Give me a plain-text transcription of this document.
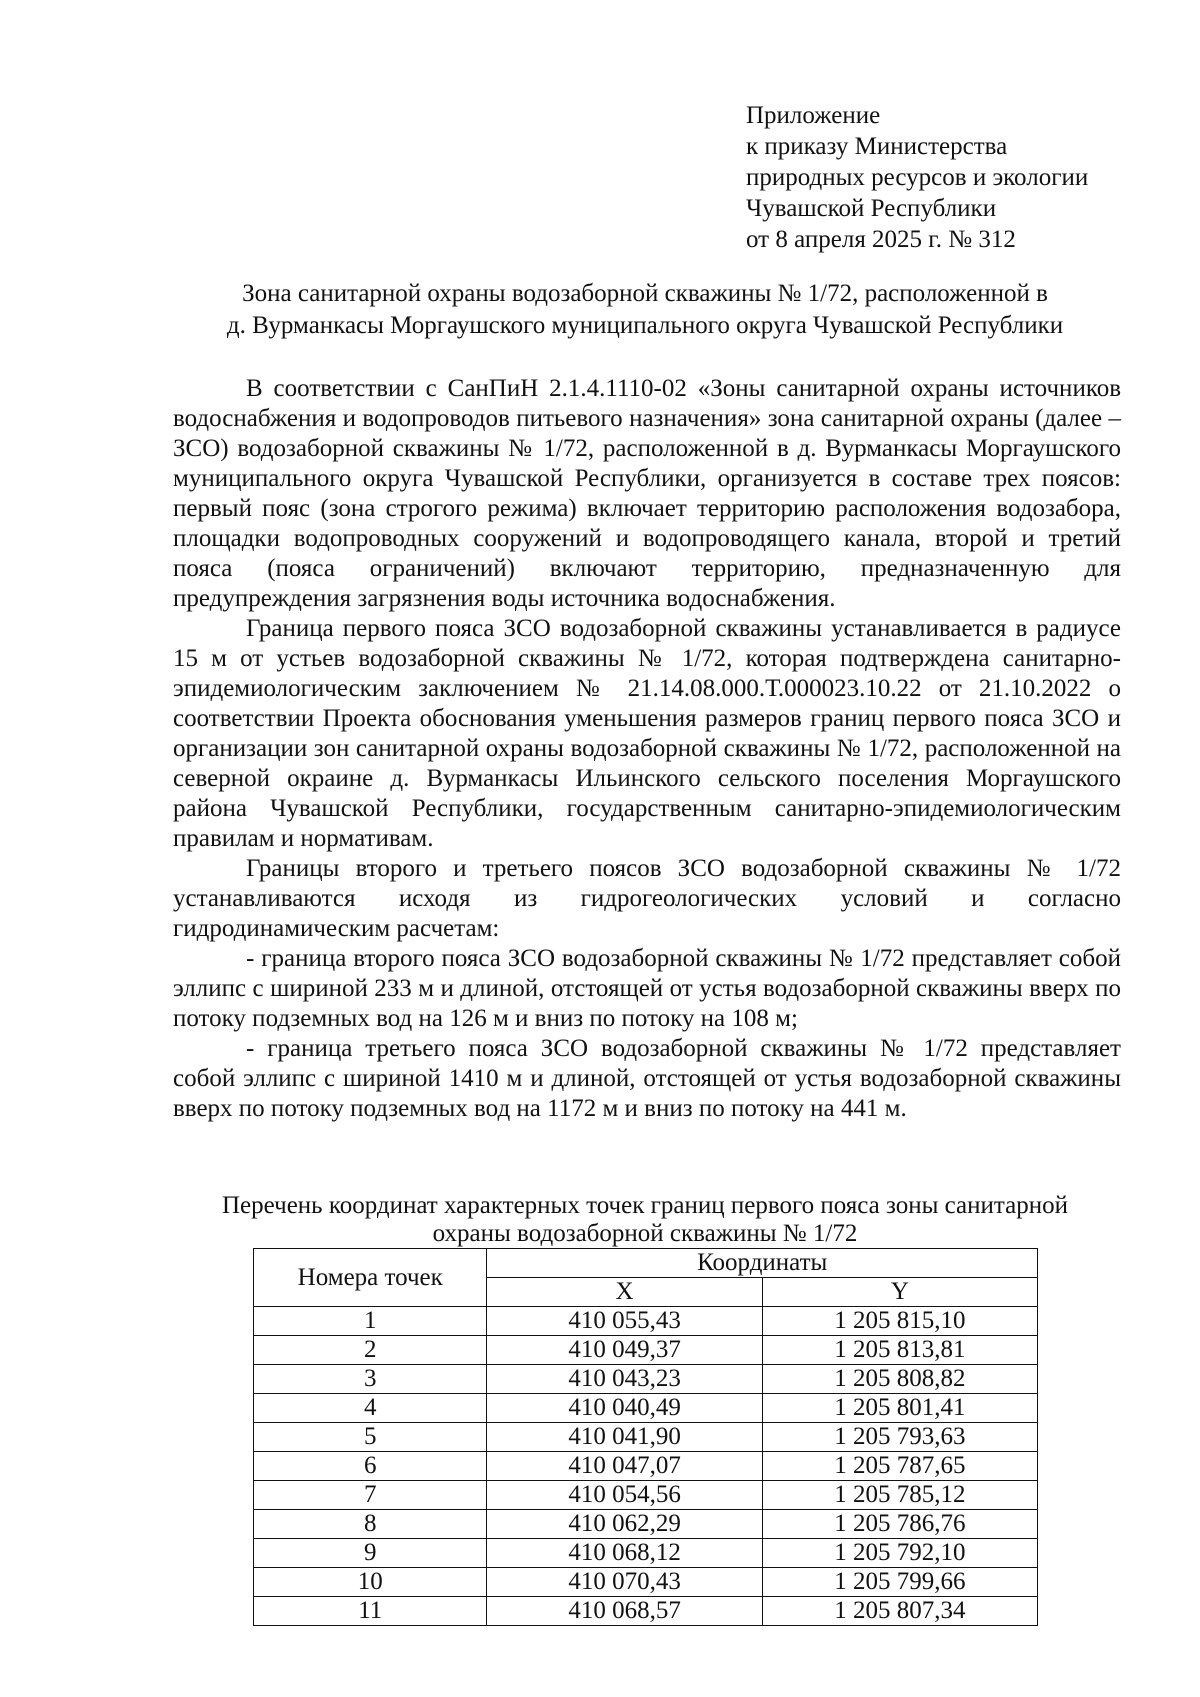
Приложение
к приказу Министерства
природных ресурсов и экологии
Чувашской Республики
от 8 апреля 2025 г. № 312
Зона санитарной охраны водозаборной скважины № 1/72, расположенной в
д. Вурманкасы Моргаушского муниципального округа Чувашской Республики

В соответствии с СанПиН 2.1.4.1110-02 «Зоны санитарной охраны источников водоснабжения и водопроводов питьевого назначения» зона санитарной охраны (далее – ЗСО) водозаборной скважины № 1/72, расположенной в д. Вурманкасы Моргаушского муниципального округа Чувашской Республики, организуется в составе трех поясов: первый пояс (зона строгого режима) включает территорию расположения водозабора, площадки водопроводных сооружений и водопроводящего канала, второй и третий пояса (пояса ограничений) включают территорию, предназначенную для предупреждения загрязнения воды источника водоснабжения.

Граница первого пояса ЗСО водозаборной скважины устанавливается в радиусе 15 м от устьев водозаборной скважины № 1/72, которая подтверждена санитарно-эпидемиологическим заключением № 21.14.08.000.Т.000023.10.22 от 21.10.2022 о соответствии Проекта обоснования уменьшения размеров границ первого пояса ЗСО и организации зон санитарной охраны водозаборной скважины № 1/72, расположенной на северной окраине д. Вурманкасы Ильинского сельского поселения Моргаушского района Чувашской Республики, государственным санитарно-эпидемиологическим правилам и нормативам.

Границы второго и третьего поясов ЗСО водозаборной скважины № 1/72 устанавливаются исходя из гидрогеологических условий и согласно гидродинамическим расчетам:

- граница второго пояса ЗСО водозаборной скважины № 1/72 представляет собой эллипс с шириной 233 м и длиной, отстоящей от устья водозаборной скважины вверх по потоку подземных вод на 126 м и вниз по потоку на 108 м;

- граница третьего пояса ЗСО водозаборной скважины № 1/72 представляет собой эллипс с шириной 1410 м и длиной, отстоящей от устья водозаборной скважины вверх по потоку подземных вод на 1172 м и вниз по потоку на 441 м.

Перечень координат характерных точек границ первого пояса зоны санитарной
охраны водозаборной скважины № 1/72
Номера точек	Координаты	
	X	Y
1	410 055,43	1 205 815,10
2	410 049,37	1 205 813,81
3	410 043,23	1 205 808,82
4	410 040,49	1 205 801,41
5	410 041,90	1 205 793,63
6	410 047,07	1 205 787,65
7	410 054,56	1 205 785,12
8	410 062,29	1 205 786,76
9	410 068,12	1 205 792,10
10	410 070,43	1 205 799,66
11	410 068,57	1 205 807,34
